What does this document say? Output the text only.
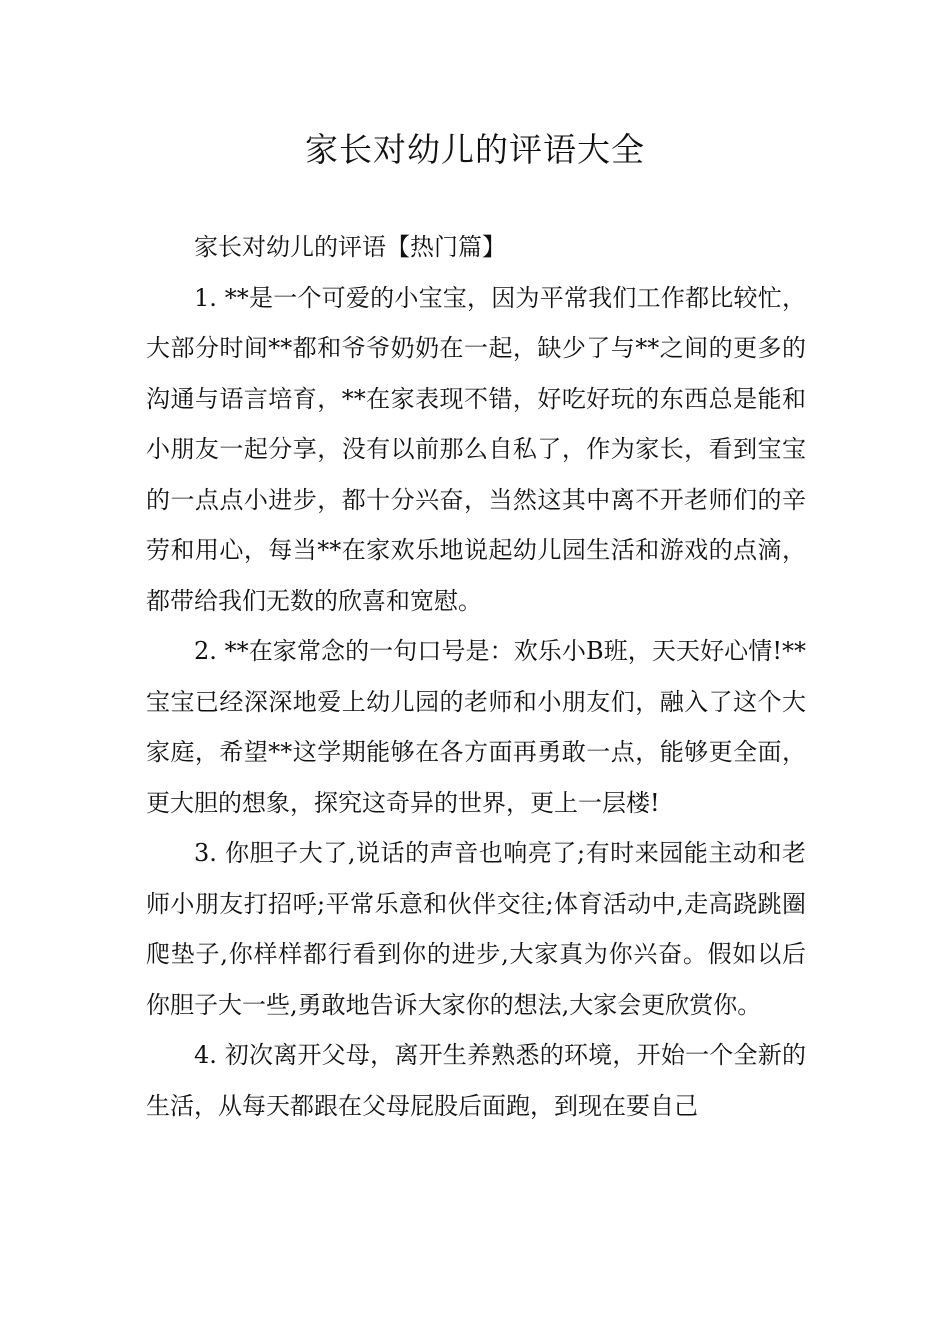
家长对幼儿的评语大全

家长对幼儿的评语【热门篇】

1. **是一个可爱的小宝宝，因为平常我们工作都比较忙，大部分时间**都和爷爷奶奶在一起，缺少了与**之间的更多的沟通与语言培育，**在家表现不错，好吃好玩的东西总是能和小朋友一起分享，没有以前那么自私了，作为家长，看到宝宝的一点点小进步，都十分兴奋，当然这其中离不开老师们的辛劳和用心，每当**在家欢乐地说起幼儿园生活和游戏的点滴，都带给我们无数的欣喜和宽慰。

2. **在家常念的一句口号是：欢乐小B班，天天好心情!**宝宝已经深深地爱上幼儿园的老师和小朋友们，融入了这个大家庭，希望**这学期能够在各方面再勇敢一点，能够更全面，更大胆的想象，探究这奇异的世界，更上一层楼!

3. 你胆子大了,说话的声音也响亮了;有时来园能主动和老师小朋友打招呼;平常乐意和伙伴交往;体育活动中,走高跷跳圈爬垫子,你样样都行看到你的进步,大家真为你兴奋。假如以后你胆子大一些,勇敢地告诉大家你的想法,大家会更欣赏你。

4. 初次离开父母，离开生养熟悉的环境，开始一个全新的生活，从每天都跟在父母屁股后面跑，到现在要自己
